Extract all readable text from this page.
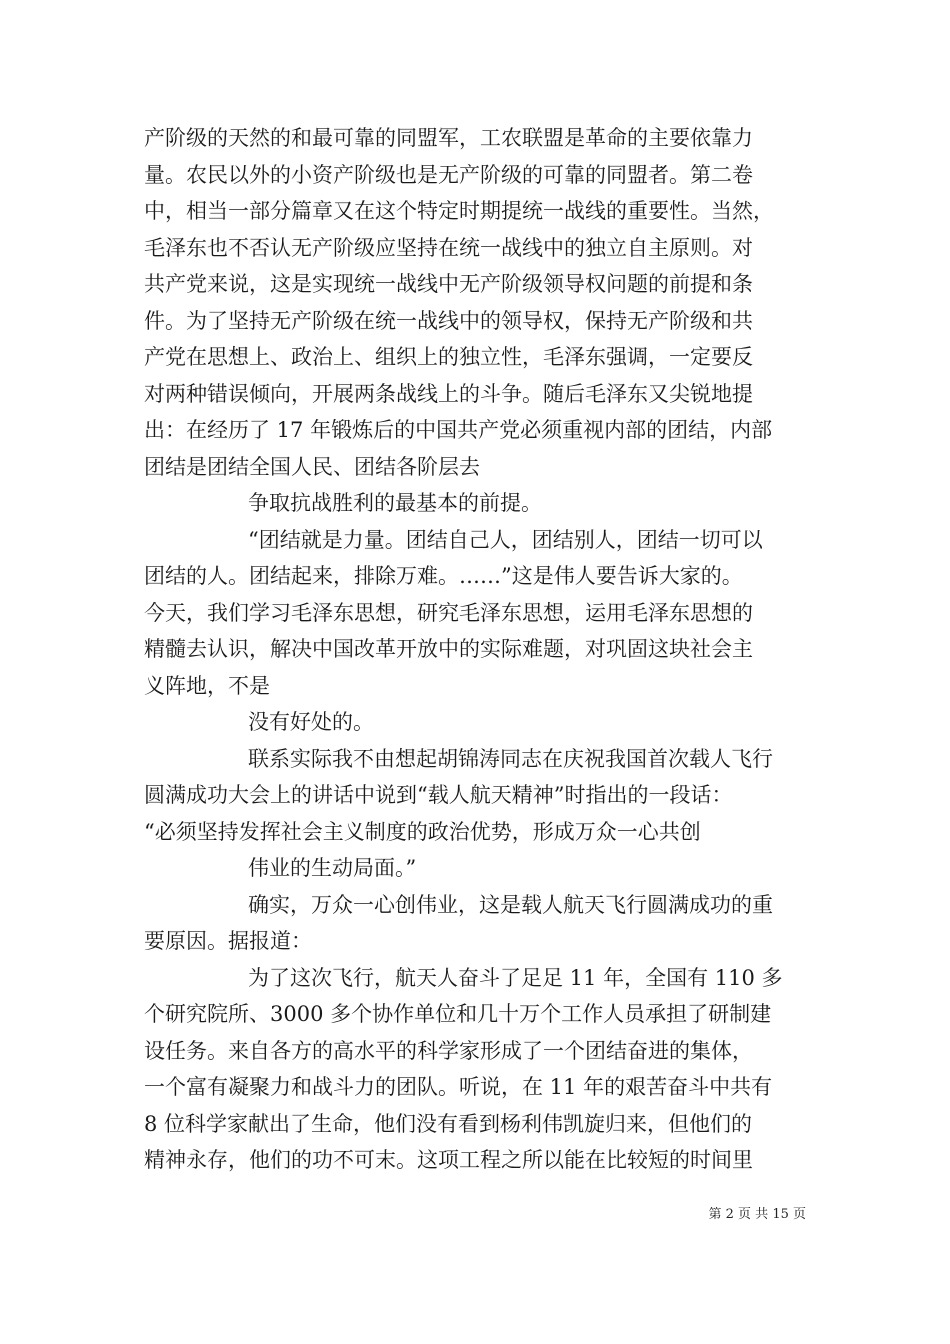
产阶级的天然的和最可靠的同盟军，工农联盟是革命的主要依靠力
量。农民以外的小资产阶级也是无产阶级的可靠的同盟者。第二卷
中，相当一部分篇章又在这个特定时期提统一战线的重要性。当然，
毛泽东也不否认无产阶级应坚持在统一战线中的独立自主原则。对
共产党来说，这是实现统一战线中无产阶级领导权问题的前提和条
件。为了坚持无产阶级在统一战线中的领导权，保持无产阶级和共
产党在思想上、政治上、组织上的独立性，毛泽东强调，一定要反
对两种错误倾向，开展两条战线上的斗争。随后毛泽东又尖锐地提
出：在经历了 17 年锻炼后的中国共产党必须重视内部的团结，内部
团结是团结全国人民、团结各阶层去
争取抗战胜利的最基本的前提。
“团结就是力量。团结自己人，团结别人，团结一切可以
团结的人。团结起来，排除万难。……”这是伟人要告诉大家的。
今天，我们学习毛泽东思想，研究毛泽东思想，运用毛泽东思想的
精髓去认识，解决中国改革开放中的实际难题，对巩固这块社会主
义阵地，不是
没有好处的。
联系实际我不由想起胡锦涛同志在庆祝我国首次载人飞行
圆满成功大会上的讲话中说到“载人航天精神”时指出的一段话：
“必须坚持发挥社会主义制度的政治优势，形成万众一心共创
伟业的生动局面。”
确实，万众一心创伟业，这是载人航天飞行圆满成功的重
要原因。据报道：
为了这次飞行，航天人奋斗了足足 11 年，全国有 110 多
个研究院所、3000 多个协作单位和几十万个工作人员承担了研制建
设任务。来自各方的高水平的科学家形成了一个团结奋进的集体，
一个富有凝聚力和战斗力的团队。听说，在 11 年的艰苦奋斗中共有
8 位科学家献出了生命，他们没有看到杨利伟凯旋归来，但他们的
精神永存，他们的功不可末。这项工程之所以能在比较短的时间里
第 2 页 共 15 页
